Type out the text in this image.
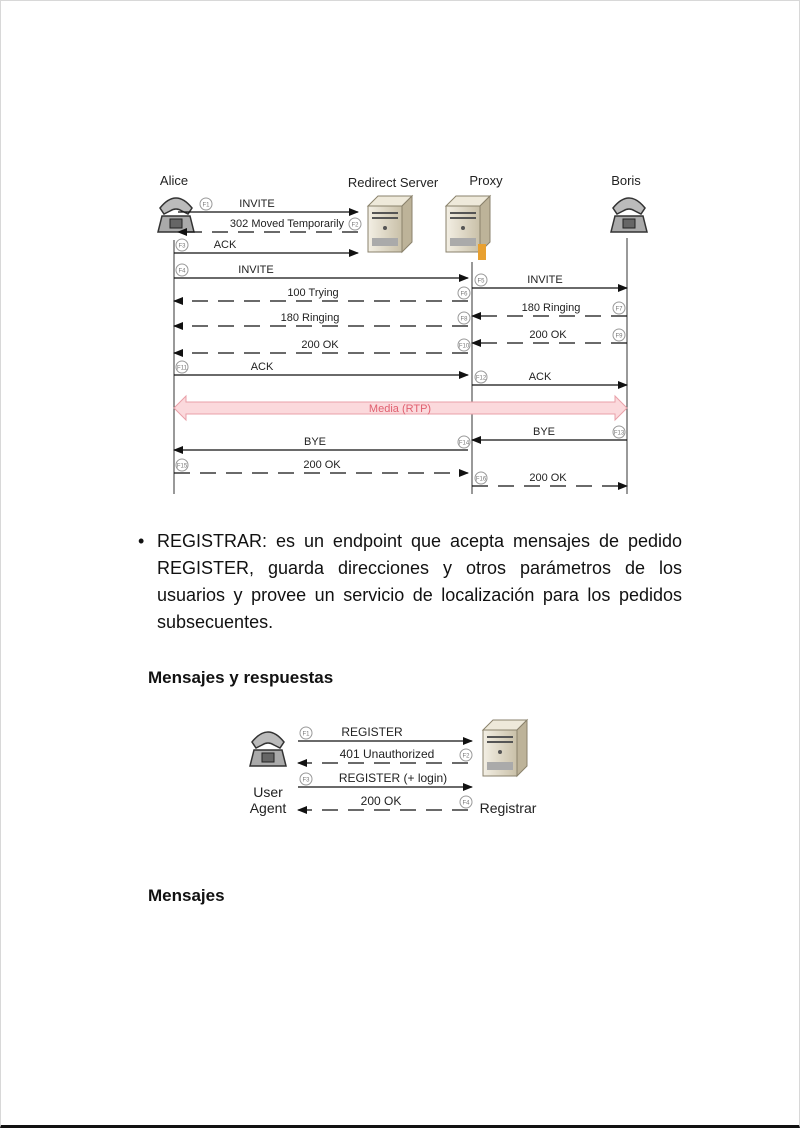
Alice	Redirect Server Proxy	Boris
Media (RTP)
INVITE
F1
302 Moved Temporarily F2
ACK
F3
INVITE
F4
INVITE
F5
100 Trying	F6
180 Ringing	F7
180 Ringing	F8
200 OK	F9
200 OK	F10
ACK
F11
ACK
F12
BYE	F13
BYE	F14
200 OK
F15
200 OK
F16
• REGISTRAR: es un endpoint que acepta mensajes de pedido REGISTER, guarda direcciones y otros parámetros de los usuarios y provee un servicio de localización para los pedidos subsecuentes.

Mensajes y respuestas
User
Agent	Registrar
REGISTER
F1
401 Unauthorized	F2
REGISTER (+ login)
F3
200 OK	F4
Mensajes
